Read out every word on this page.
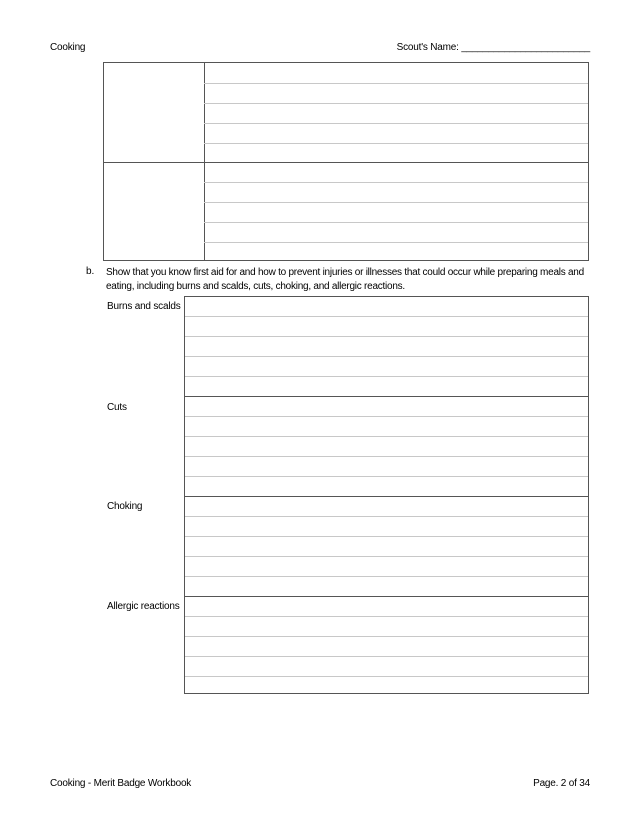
Cooking	Scout's Name: ________________________
b. Show that you know first aid for and how to prevent injuries or illnesses that could occur while preparing meals and eating, including burns and scalds, cuts, choking, and allergic reactions.
Burns and scalds
Cuts
Choking
Allergic reactions
Cooking - Merit Badge Workbook	Page. 2 of 34
